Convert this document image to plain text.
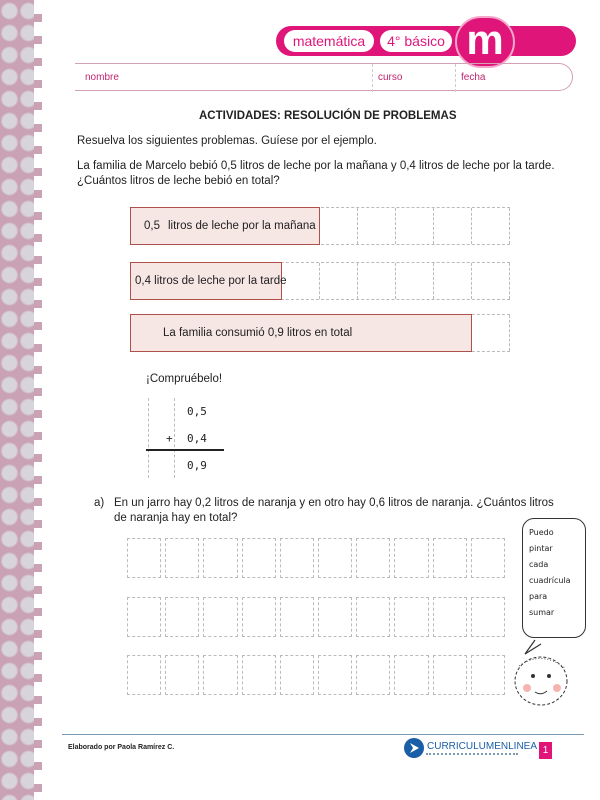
matemática	4° básico m
nombre	curso	fecha
ACTIVIDADES: RESOLUCIÓN DE PROBLEMAS
Resuelva los siguientes problemas. Guíese por el ejemplo.
La familia de Marcelo bebió 0,5 litros de leche por la mañana y 0,4 litros de leche por la tarde.
¿Cuántos litros de leche bebió en total?
0,5 litros de leche por la mañana
0,4 litros de leche por la tarde
La familia consumió 0,9 litros en total
¡Compruébelo!
0,5
+ 0,4
0,9
a) En un jarro hay 0,2 litros de naranja y en otro hay 0,6 litros de naranja. ¿Cuántos litros
de naranja hay en total?
Puedo
pintar
cada
cuadrícula
para
sumar
Elaborado por Paola Ramírez C.	CURRICULUMENLINEA 1
